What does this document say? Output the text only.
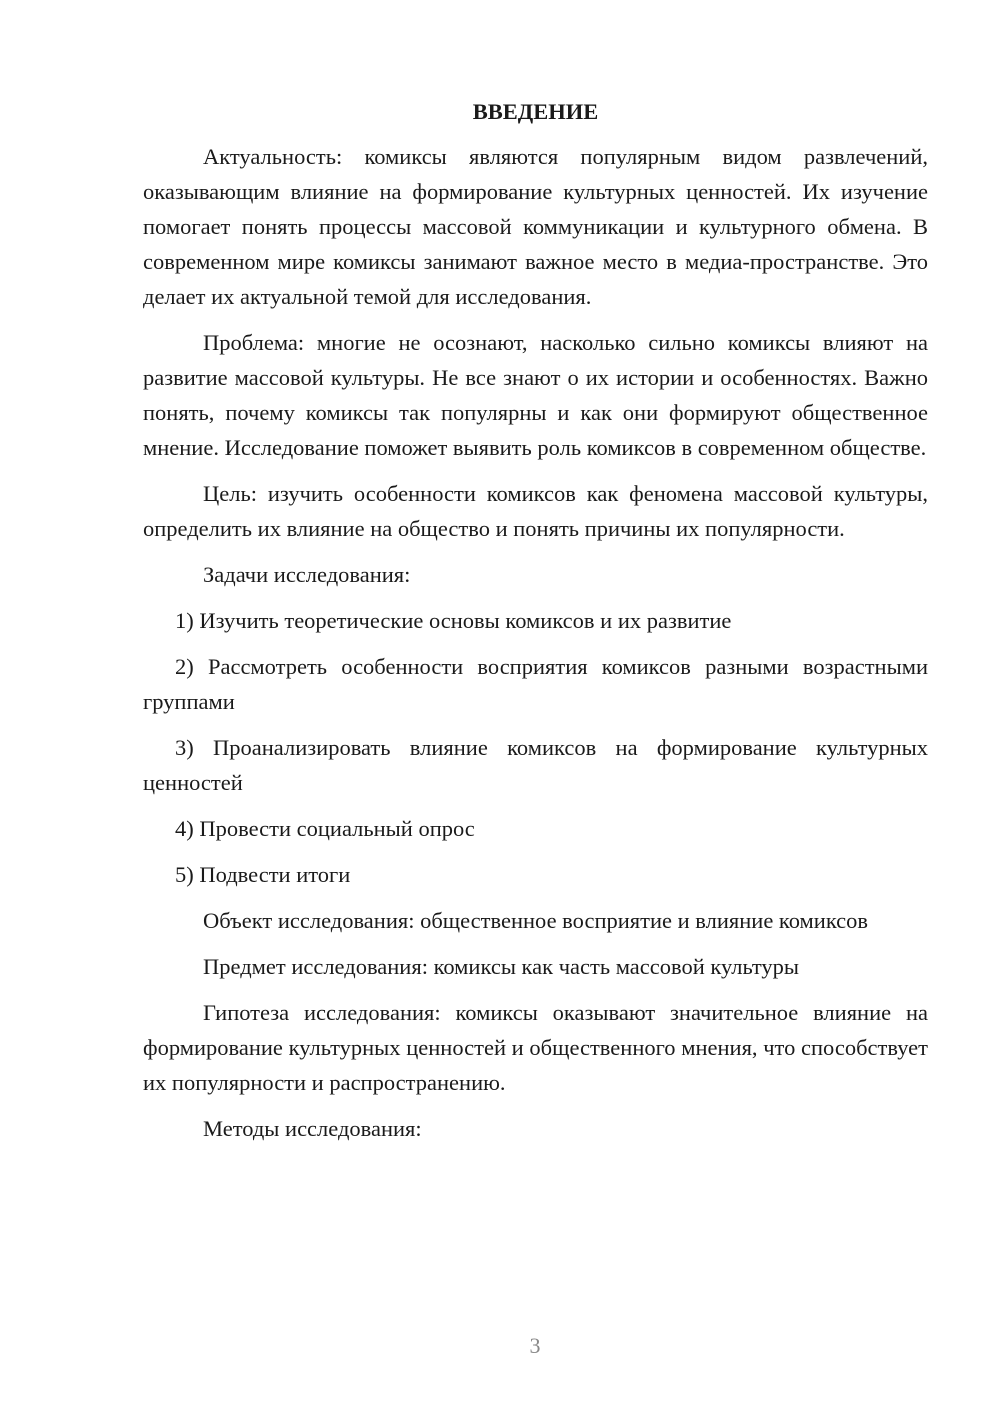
ВВЕДЕНИЕ

Актуальность: комиксы являются популярным видом развлечений, оказывающим влияние на формирование культурных ценностей. Их изучение помогает понять процессы массовой коммуникации и культурного обмена. В современном мире комиксы занимают важное место в медиа-пространстве. Это делает их актуальной темой для исследования.

Проблема: многие не осознают, насколько сильно комиксы влияют на развитие массовой культуры. Не все знают о их истории и особенностях. Важно понять, почему комиксы так популярны и как они формируют общественное мнение. Исследование поможет выявить роль комиксов в современном обществе.

Цель: изучить особенности комиксов как феномена массовой культуры, определить их влияние на общество и понять причины их популярности.

Задачи исследования:

1) Изучить теоретические основы комиксов и их развитие

2) Рассмотреть особенности восприятия комиксов разными возрастными группами

3) Проанализировать влияние комиксов на формирование культурных ценностей

4) Провести социальный опрос

5) Подвести итоги

Объект исследования: общественное восприятие и влияние комиксов

Предмет исследования: комиксы как часть массовой культуры

Гипотеза исследования: комиксы оказывают значительное влияние на формирование культурных ценностей и общественного мнения, что способствует их популярности и распространению.

Методы исследования:

3
